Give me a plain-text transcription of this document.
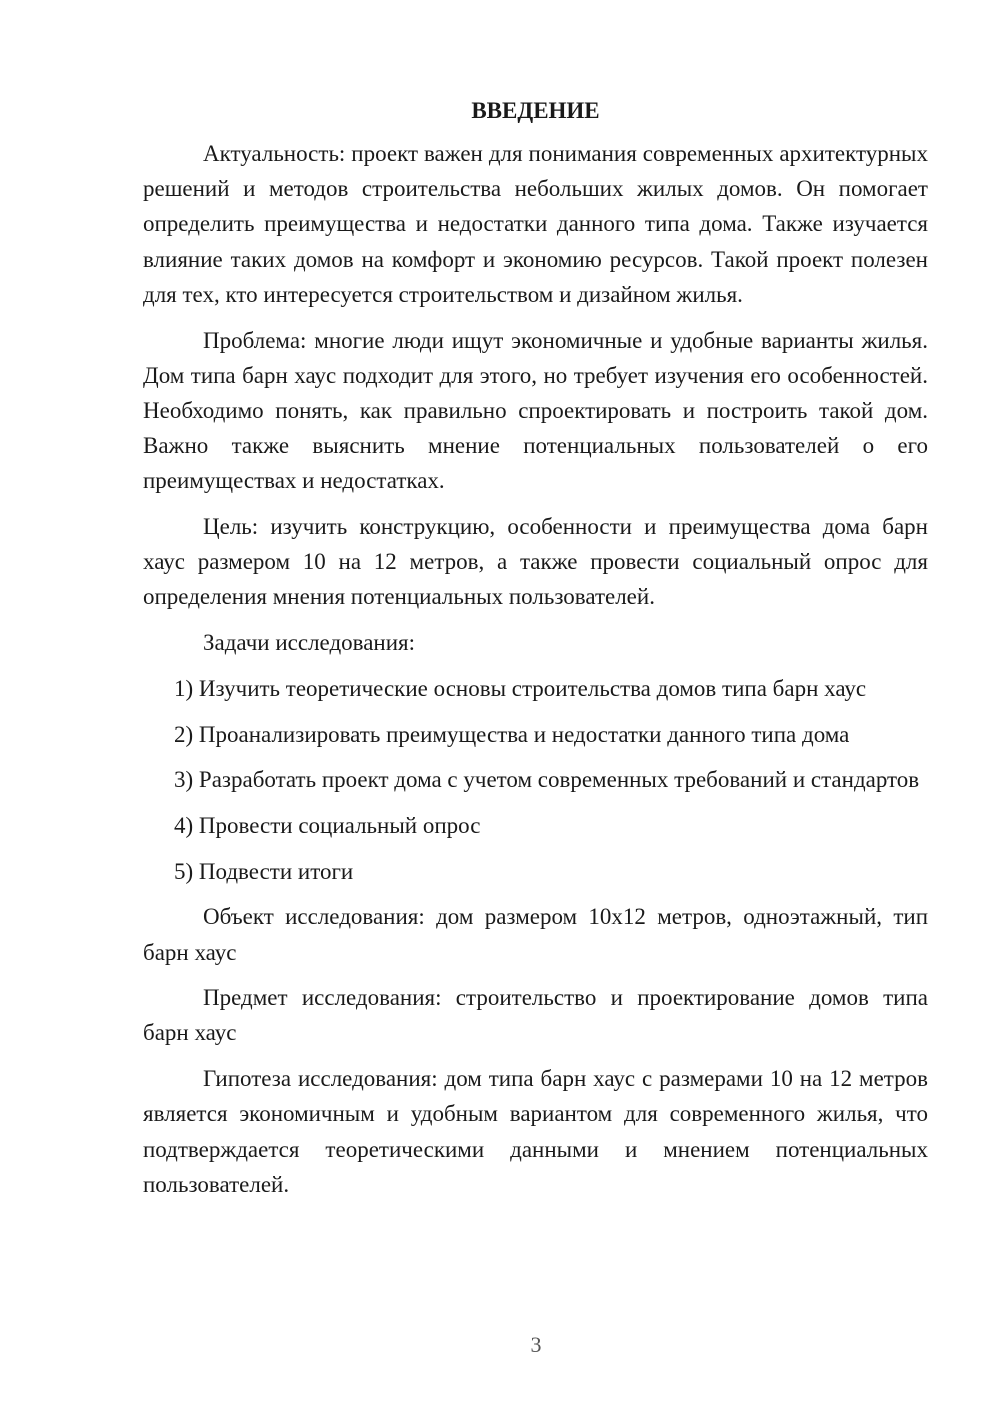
ВВЕДЕНИЕ

Актуальность: проект важен для понимания современных архитектурных решений и методов строительства небольших жилых домов. Он помогает определить преимущества и недостатки данного типа дома. Также изучается влияние таких домов на комфорт и экономию ресурсов. Такой проект полезен для тех, кто интересуется строительством и дизайном жилья.

Проблема: многие люди ищут экономичные и удобные варианты жилья. Дом типа барн хаус подходит для этого, но требует изучения его особенностей. Необходимо понять, как правильно спроектировать и построить такой дом. Важно также выяснить мнение потенциальных пользователей о его преимуществах и недостатках.

Цель: изучить конструкцию, особенности и преимущества дома барн хаус размером 10 на 12 метров, а также провести социальный опрос для определения мнения потенциальных пользователей.

Задачи исследования:

1) Изучить теоретические основы строительства домов типа барн хаус

2) Проанализировать преимущества и недостатки данного типа дома

3) Разработать проект дома с учетом современных требований и стандартов

4) Провести социальный опрос

5) Подвести итоги

Объект исследования: дом размером 10х12 метров, одноэтажный, тип барн хаус

Предмет исследования: строительство и проектирование домов типа барн хаус

Гипотеза исследования: дом типа барн хаус с размерами 10 на 12 метров является экономичным и удобным вариантом для современного жилья, что подтверждается теоретическими данными и мнением потенциальных пользователей.

3
